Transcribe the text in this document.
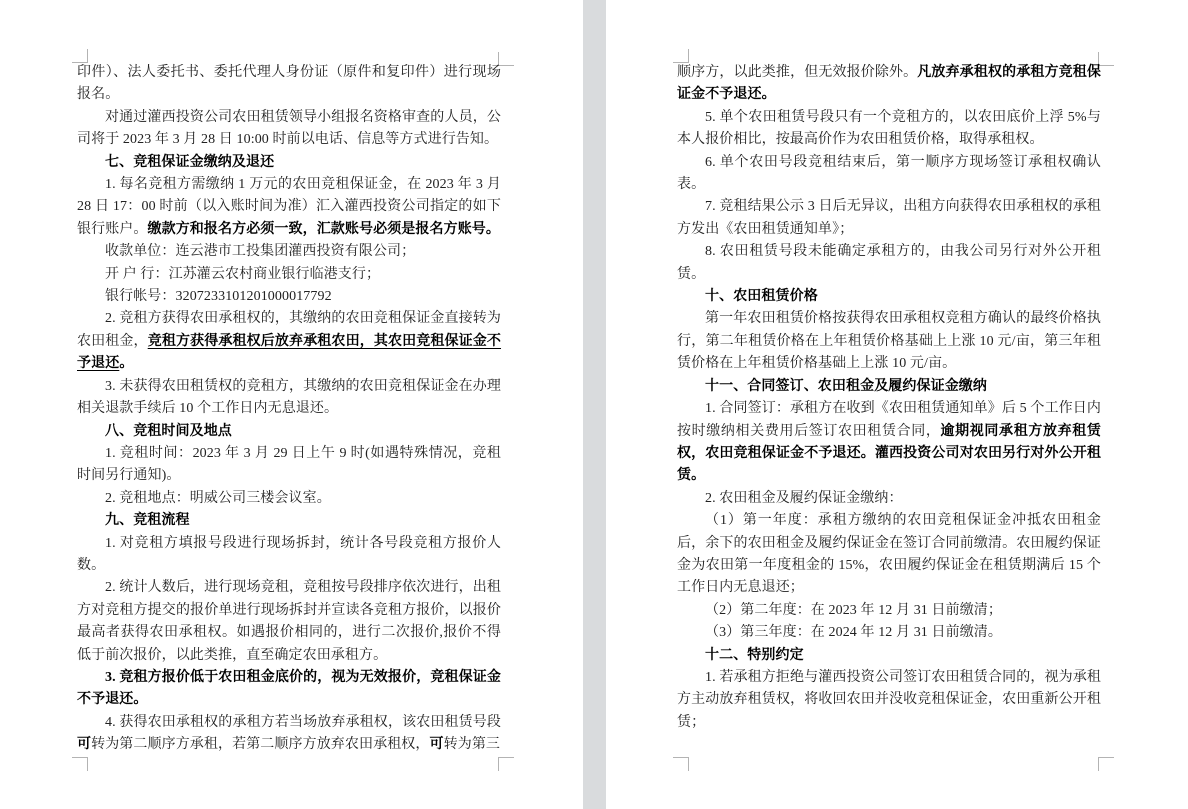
印件）、法人委托书、委托代理人身份证（原件和复印件）进行现场报名。

对通过灌西投资公司农田租赁领导小组报名资格审查的人员，公司将于 2023 年 3 月 28 日 10:00 时前以电话、信息等方式进行告知。

七、竞租保证金缴纳及退还

1. 每名竞租方需缴纳 1 万元的农田竞租保证金，在 2023 年 3 月 28 日 17：00 时前（以入账时间为准）汇入灌西投资公司指定的如下银行账户。缴款方和报名方必须一致，汇款账号必须是报名方账号。

收款单位：连云港市工投集团灌西投资有限公司；

开 户 行：江苏灌云农村商业银行临港支行；

银行帐号：3207233101201000017792

2. 竞租方获得农田承租权的，其缴纳的农田竞租保证金直接转为农田租金，竞租方获得承租权后放弃承租农田，其农田竞租保证金不予退还。

3. 未获得农田租赁权的竞租方，其缴纳的农田竞租保证金在办理相关退款手续后 10 个工作日内无息退还。

八、竞租时间及地点

1. 竞租时间：2023 年 3 月 29 日上午 9 时(如遇特殊情况，竞租时间另行通知)。

2. 竞租地点：明威公司三楼会议室。

九、竞租流程

1. 对竞租方填报号段进行现场拆封，统计各号段竞租方报价人数。

2. 统计人数后，进行现场竞租，竞租按号段排序依次进行，出租方对竞租方提交的报价单进行现场拆封并宣读各竞租方报价，以报价最高者获得农田承租权。如遇报价相同的，进行二次报价,报价不得低于前次报价，以此类推，直至确定农田承租方。

3. 竞租方报价低于农田租金底价的，视为无效报价，竞租保证金不予退还。

4. 获得农田承租权的承租方若当场放弃承租权，该农田租赁号段可转为第二顺序方承租，若第二顺序方放弃农田承租权，可转为第三

顺序方，以此类推，但无效报价除外。凡放弃承租权的承租方竞租保证金不予退还。

5. 单个农田租赁号段只有一个竞租方的，以农田底价上浮 5%与本人报价相比，按最高价作为农田租赁价格，取得承租权。

6. 单个农田号段竞租结束后，第一顺序方现场签订承租权确认表。

7. 竞租结果公示 3 日后无异议，出租方向获得农田承租权的承租方发出《农田租赁通知单》；

8. 农田租赁号段未能确定承租方的，由我公司另行对外公开租赁。

十、农田租赁价格

第一年农田租赁价格按获得农田承租权竞租方确认的最终价格执行，第二年租赁价格在上年租赁价格基础上上涨 10 元/亩，第三年租赁价格在上年租赁价格基础上上涨 10 元/亩。

十一、合同签订、农田租金及履约保证金缴纳

1. 合同签订：承租方在收到《农田租赁通知单》后 5 个工作日内按时缴纳相关费用后签订农田租赁合同，逾期视同承租方放弃租赁权，农田竞租保证金不予退还。灌西投资公司对农田另行对外公开租赁。

2. 农田租金及履约保证金缴纳：

（1）第一年度：承租方缴纳的农田竞租保证金冲抵农田租金后，余下的农田租金及履约保证金在签订合同前缴清。农田履约保证金为农田第一年度租金的 15%，农田履约保证金在租赁期满后 15 个工作日内无息退还；

（2）第二年度：在 2023 年 12 月 31 日前缴清；

（3）第三年度：在 2024 年 12 月 31 日前缴清。

十二、特别约定

1. 若承租方拒绝与灌西投资公司签订农田租赁合同的，视为承租方主动放弃租赁权，将收回农田并没收竞租保证金，农田重新公开租赁；
